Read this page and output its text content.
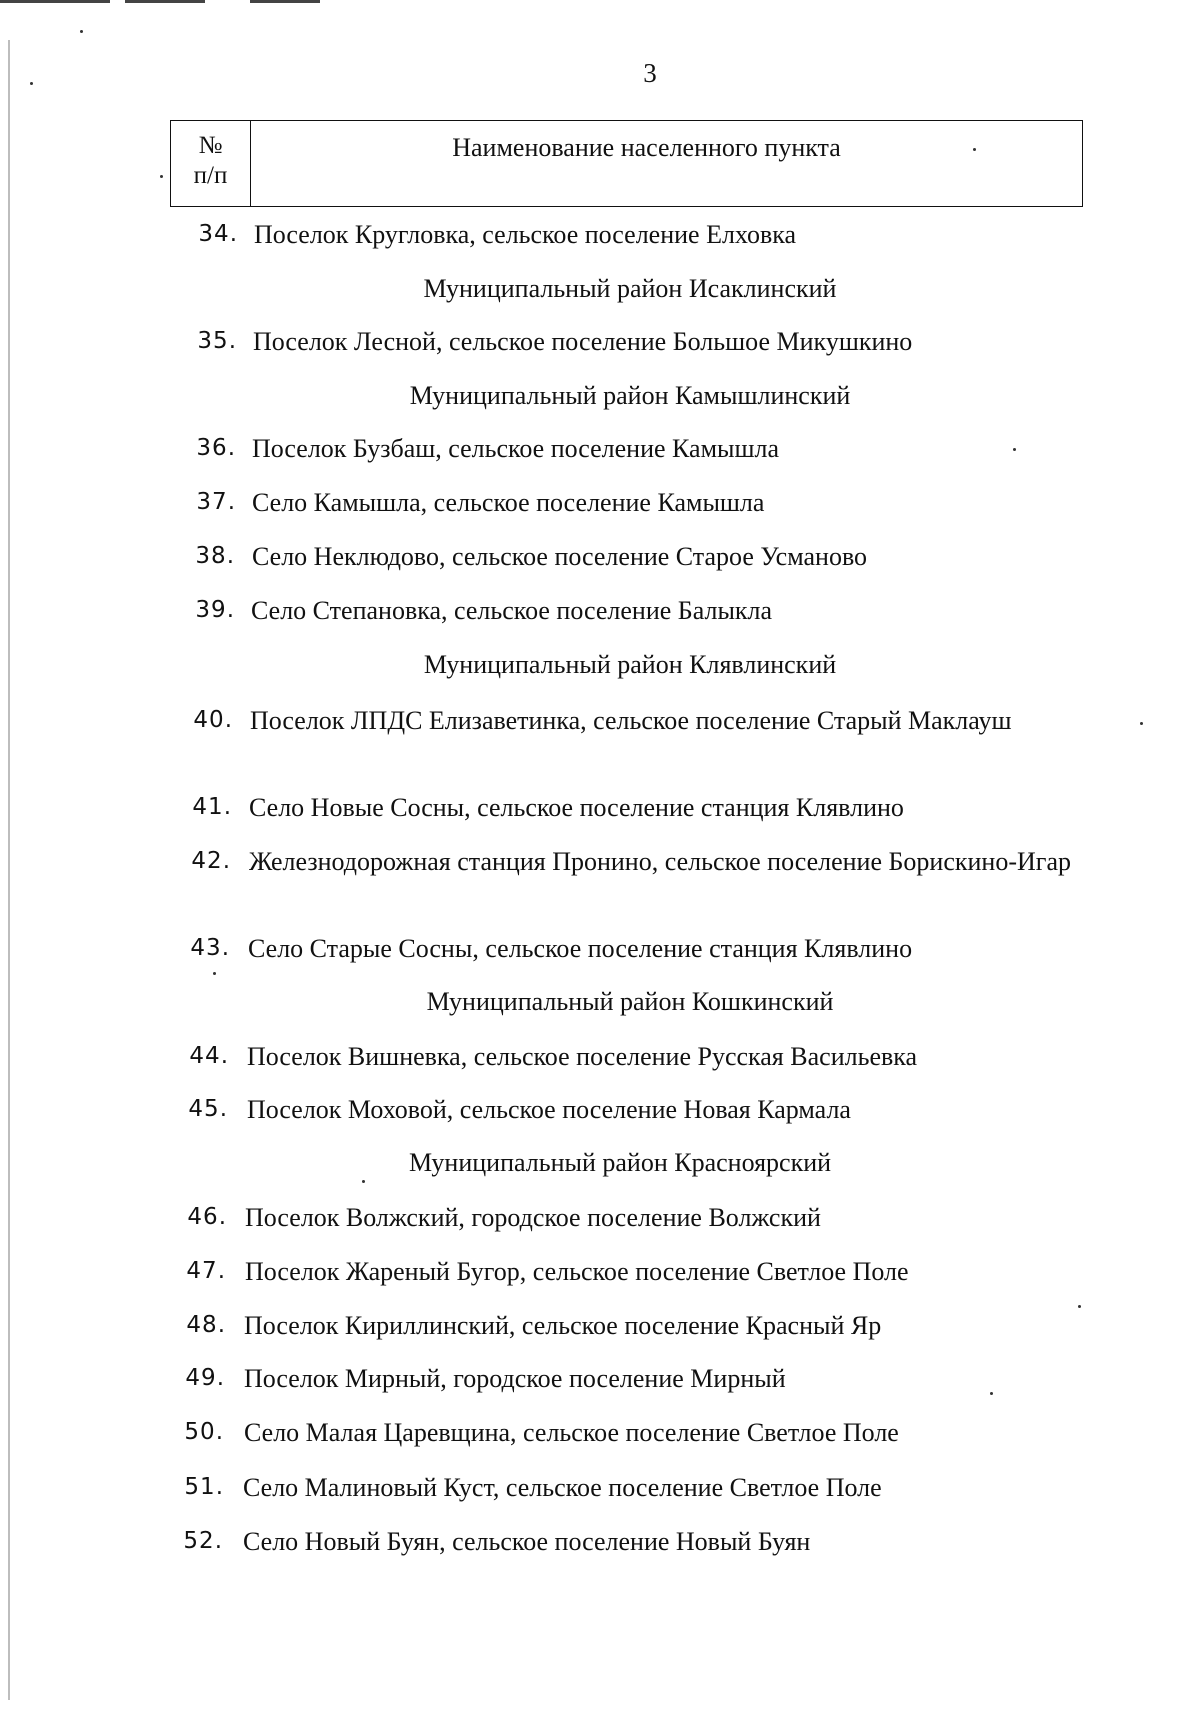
3
№
п/п
Наименование населенного пункта
34. Поселок Кругловка, сельское поселение Елховка
Муниципальный район Исаклинский
35. Поселок Лесной, сельское поселение Большое Микушкино
Муниципальный район Камышлинский
36. Поселок Бузбаш, сельское поселение Камышла
37. Село Камышла, сельское поселение Камышла
38. Село Неклюдово, сельское поселение Старое Усманово
39. Село Степановка, сельское поселение Балыкла
Муниципальный район Клявлинский
40. Поселок ЛПДС Елизаветинка, сельское поселение Старый Маклауш
41. Село Новые Сосны, сельское поселение станция Клявлино
42. Железнодорожная станция Пронино, сельское поселение Борискино-Игар
43. Село Старые Сосны, сельское поселение станция Клявлино
Муниципальный район Кошкинский
44. Поселок Вишневка, сельское поселение Русская Васильевка
45. Поселок Моховой, сельское поселение Новая Кармала
Муниципальный район Красноярский
46. Поселок Волжский, городское поселение Волжский
47. Поселок Жареный Бугор, сельское поселение Светлое Поле
48. Поселок Кириллинский, сельское поселение Красный Яр
49. Поселок Мирный, городское поселение Мирный
50. Село Малая Царевщина, сельское поселение Светлое Поле
51. Село Малиновый Куст, сельское поселение Светлое Поле
52. Село Новый Буян, сельское поселение Новый Буян
